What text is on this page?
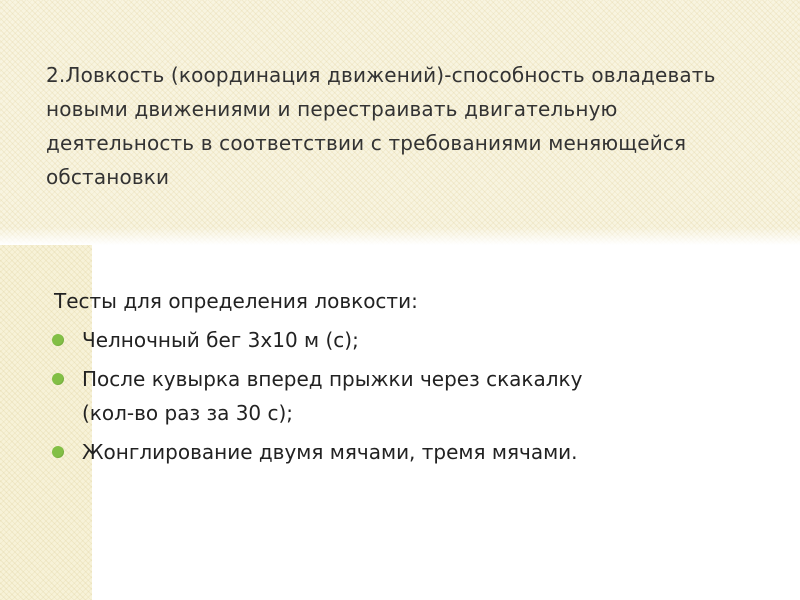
2.Ловкость (координация движений)-способность овладевать новыми движениями и перестраивать двигательную деятельность в соответствии с требованиями меняющейся обстановки
Тесты для определения ловкости:
Челночный бег 3х10 м (с);
После кувырка вперед прыжки через скакалку
(кол-во раз за 30 с);
Жонглирование двумя мячами, тремя мячами.
